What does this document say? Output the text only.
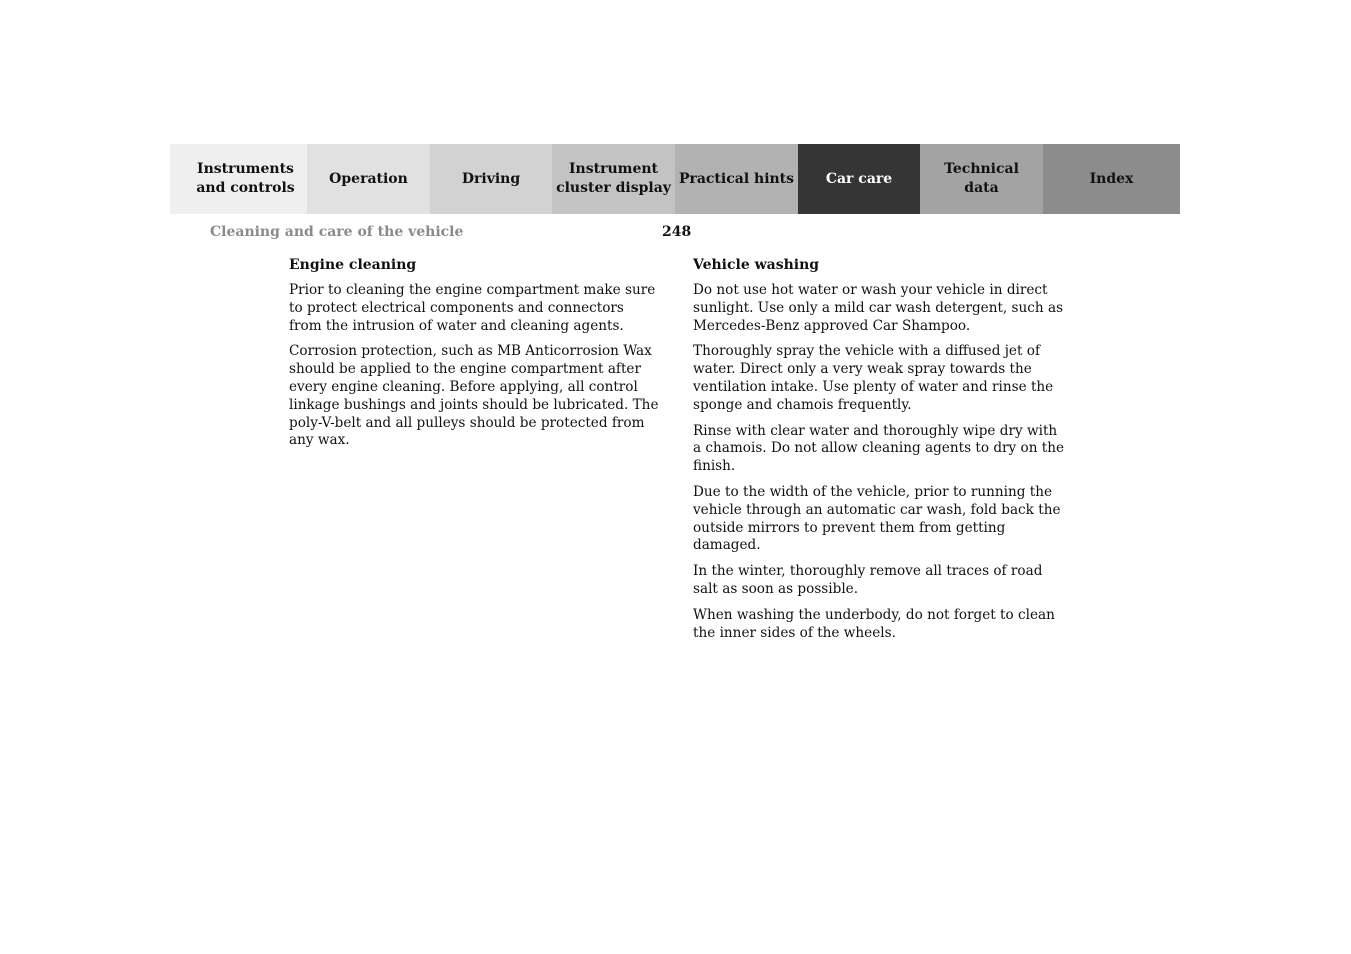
Instruments
and controls
Operation	Driving
Instrument
cluster display
Practical hints	Car care
Technical
data
Index
Cleaning and care of the vehicle	248
Engine cleaning

Prior to cleaning the engine compartment make sure to protect electrical components and connectors from the intrusion of water and cleaning agents.

Corrosion protection, such as MB Anticorrosion Wax should be applied to the engine compartment after every engine cleaning. Before applying, all control linkage bushings and joints should be lubricated. The poly-V-belt and all pulleys should be protected from any wax.

Vehicle washing

Do not use hot water or wash your vehicle in direct sunlight. Use only a mild car wash detergent, such as Mercedes-Benz approved Car Shampoo.

Thoroughly spray the vehicle with a diffused jet of water. Direct only a very weak spray towards the ventilation intake. Use plenty of water and rinse the sponge and chamois frequently.

Rinse with clear water and thoroughly wipe dry with a chamois. Do not allow cleaning agents to dry on the finish.

Due to the width of the vehicle, prior to running the vehicle through an automatic car wash, fold back the outside mirrors to prevent them from getting damaged.

In the winter, thoroughly remove all traces of road salt as soon as possible.

When washing the underbody, do not forget to clean the inner sides of the wheels.
